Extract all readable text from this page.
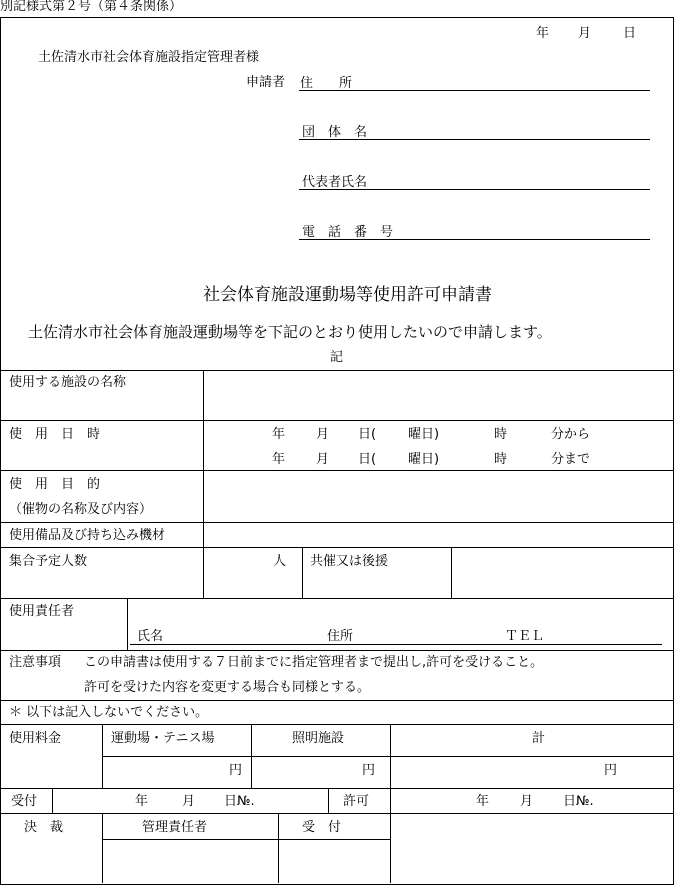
別記様式第２号（第４条関係）
年 月 日
土佐清水市社会体育施設指定管理者様
申請者 住　　所
団　体　名
代表者氏名
電　話　番　号
社会体育施設運動場等使用許可申請書
土佐清水市社会体育施設運動場等を下記のとおり使用したいので申請します。
記
使用する施設の名称
使　用　日　時	年 月 日( 曜日)	時	分から
年 月 日( 曜日)	時	分まで
使　用　目　的
（催物の名称及び内容）
使用備品及び持ち込み機材
集合予定人数	人 共催又は後援
使用責任者
氏名	住所	ＴＥＬ
注意事項 この申請書は使用する７日前までに指定管理者まで提出し,許可を受けること。
許可を受けた内容を変更する場合も同様とする。
＊ 以下は記入しないでください。
使用料金	運動場・テニス場	照明施設	計
円	円	円
受付	年	月 日№.	許可	年 月 日№.
決　裁	管理責任者	受　付
